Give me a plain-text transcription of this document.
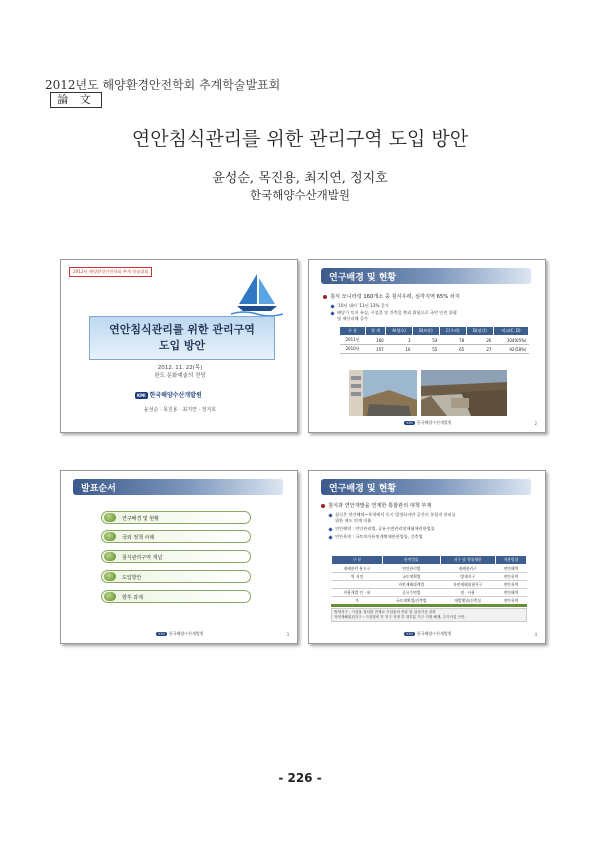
2012년도 해양환경안전학회 추계학술발표회
論 文
연안침식관리를 위한 관리구역 도입 방안
윤성순, 목진용, 최지연, 정지호
한국해양수산개발원
2012년 해양환경안전학회 추계 학술대회
연안침식관리를 위한 관리구역
도입 방안
2012. 11. 22(목)
완도 문화예술의 전당
KMI 한국해양수산개발원
윤성순 · 목진용 · 최지연 · 정지호
연구배경 및 현황
침식 모니터링 160개소 중 침식우려, 심각지역 65% 차지
'10년 대비 '11년 13% 증가
배당가 토지 유실, 시설물 및 건축물 붕괴 위험으로 국민 안전 위협
및 재산피해 증가
구 분	합 계	A(양호)	B(보통)	C(우려)	D(심각)	비고(C, D)
2011년	160	3	53	78	26	104(65%)
2010년	157	10	55	65	27	92(58%)
KMI 한국해양수산개발원	2
발표순서
연구배경 및 현황
국외 정책 사례
침식관리구역 개념
도입방안
향후 과제
KMI 한국해양수산개발원	3
연구배경 및 현황
침식과 연안개발을 연계한 통합관리 대책 부재
침식은 연안해역~육역에서 동시 발생하지만 공간의 통합적 관리를
위한 제도 연계 미흡
연안해역 : 연안관리법, 공유수면관리및매립에관한법률
연안육역 : 국토의이용및계획에관한법률, 건축법
구 분	관련법률	지구 및 행위제한	적용범위
재해관련 용도구	연안관리법	재해관리구	연안해역
역 지정	국토계획법	방재지구	연안육역
	자연재해대책법	자연재해위험지구	연안육역
이용개발 인 · 허	공유수면법	점 · 사용	연안해역
가	국토계획법/건축법	개발행위/건축물	연안육역
방재지구 : 시설물 설치를 전제로 시설물의 종류 및 설치기준 강화
자연재해위험지구 : 시설정비 후 지구 지정 후 대부분 지구 지정 해제, 주거사업 곤란
KMI 한국해양수산개발원	4
- 226 -
